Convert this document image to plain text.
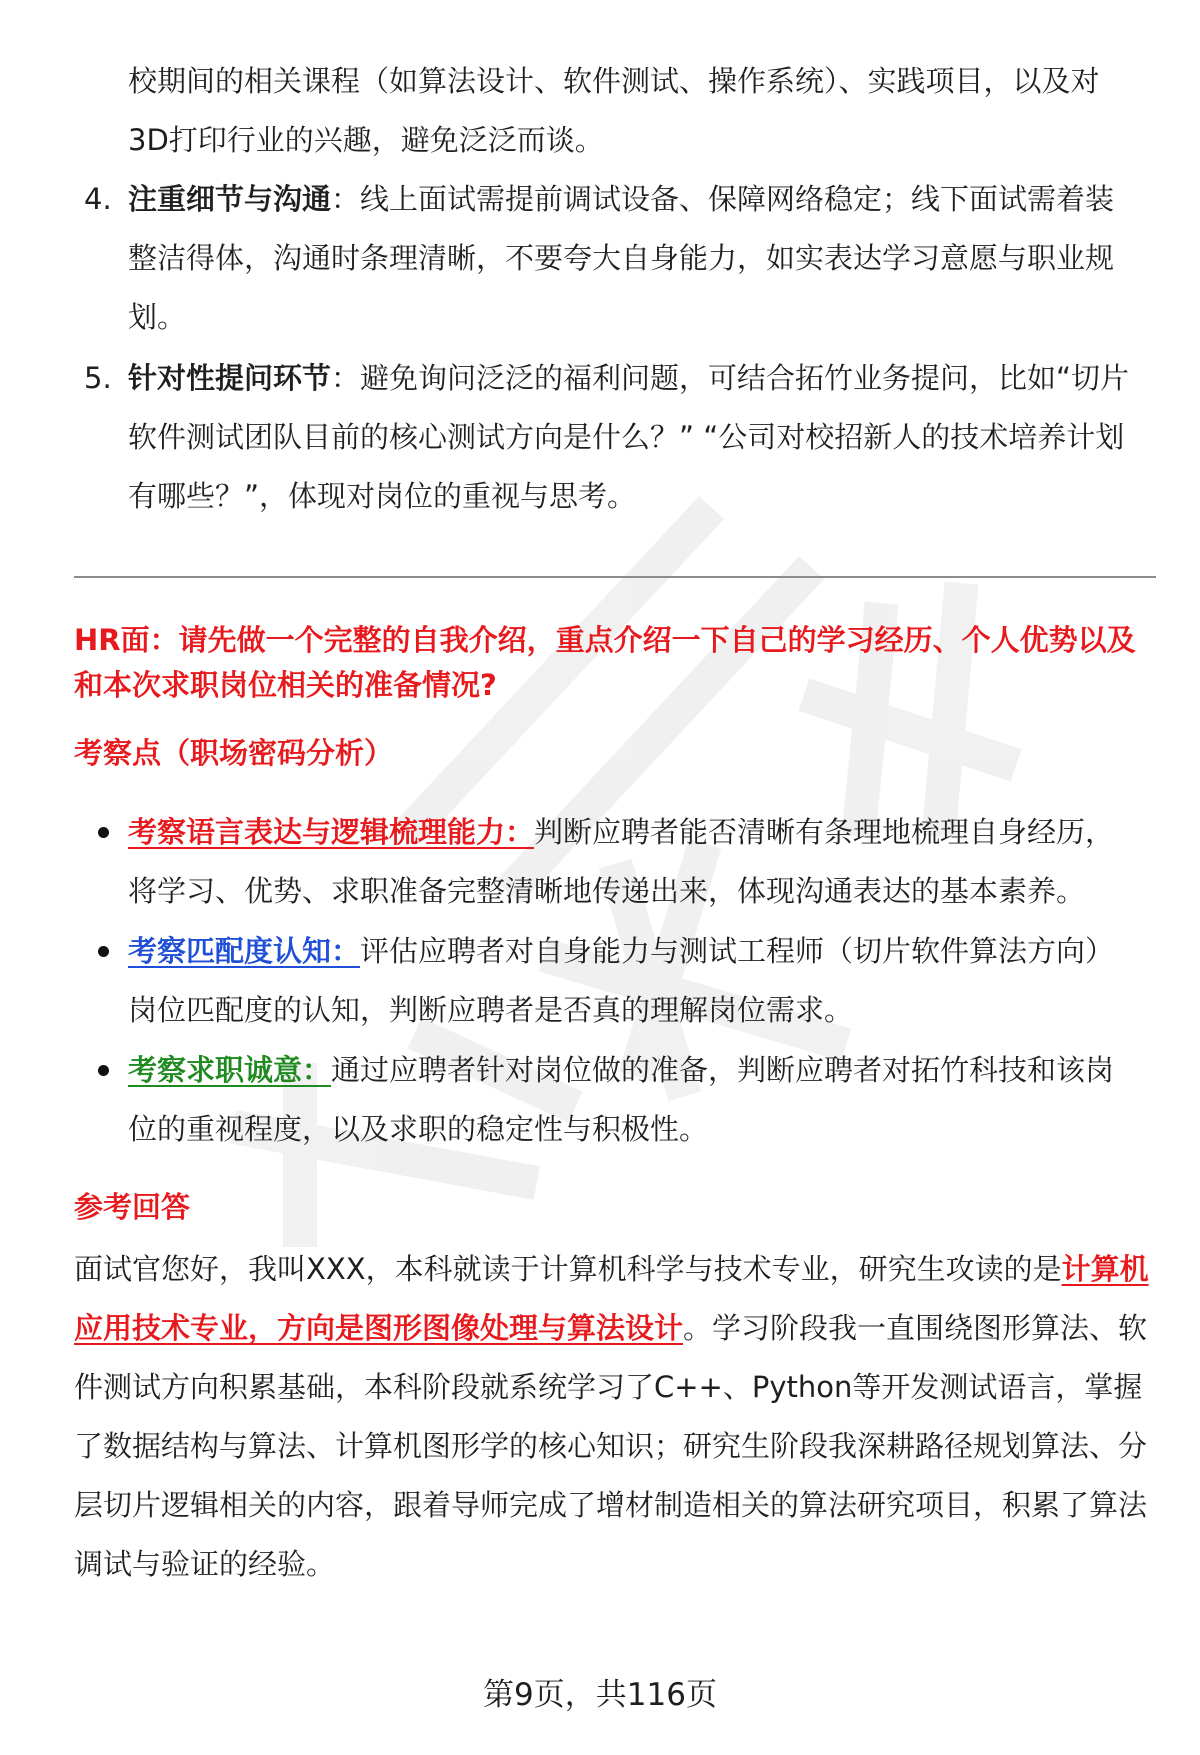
校期间的相关课程（如算法设计、软件测试、操作系统）、实践项目，以及对3D打印行业的兴趣，避免泛泛而谈。
4. 注重细节与沟通：线上面试需提前调试设备、保障网络稳定；线下面试需着装整洁得体，沟通时条理清晰，不要夸大自身能力，如实表达学习意愿与职业规划。
5. 针对性提问环节：避免询问泛泛的福利问题，可结合拓竹业务提问，比如“切片软件测试团队目前的核心测试方向是什么？” “公司对校招新人的技术培养计划有哪些？”，体现对岗位的重视与思考。
HR面：请先做一个完整的自我介绍，重点介绍一下自己的学习经历、个人优势以及和本次求职岗位相关的准备情况?
考察点（职场密码分析）
考察语言表达与逻辑梳理能力：判断应聘者能否清晰有条理地梳理自身经历，将学习、优势、求职准备完整清晰地传递出来，体现沟通表达的基本素养。
考察匹配度认知：评估应聘者对自身能力与测试工程师（切片软件算法方向）岗位匹配度的认知，判断应聘者是否真的理解岗位需求。
考察求职诚意：通过应聘者针对岗位做的准备，判断应聘者对拓竹科技和该岗位的重视程度，以及求职的稳定性与积极性。
参考回答
面试官您好，我叫XXX，本科就读于计算机科学与技术专业，研究生攻读的是计算机应用技术专业，方向是图形图像处理与算法设计。学习阶段我一直围绕图形算法、软件测试方向积累基础，本科阶段就系统学习了C++、Python等开发测试语言，掌握了数据结构与算法、计算机图形学的核心知识；研究生阶段我深耕路径规划算法、分层切片逻辑相关的内容，跟着导师完成了增材制造相关的算法研究项目，积累了算法调试与验证的经验。
第9页，共116页
